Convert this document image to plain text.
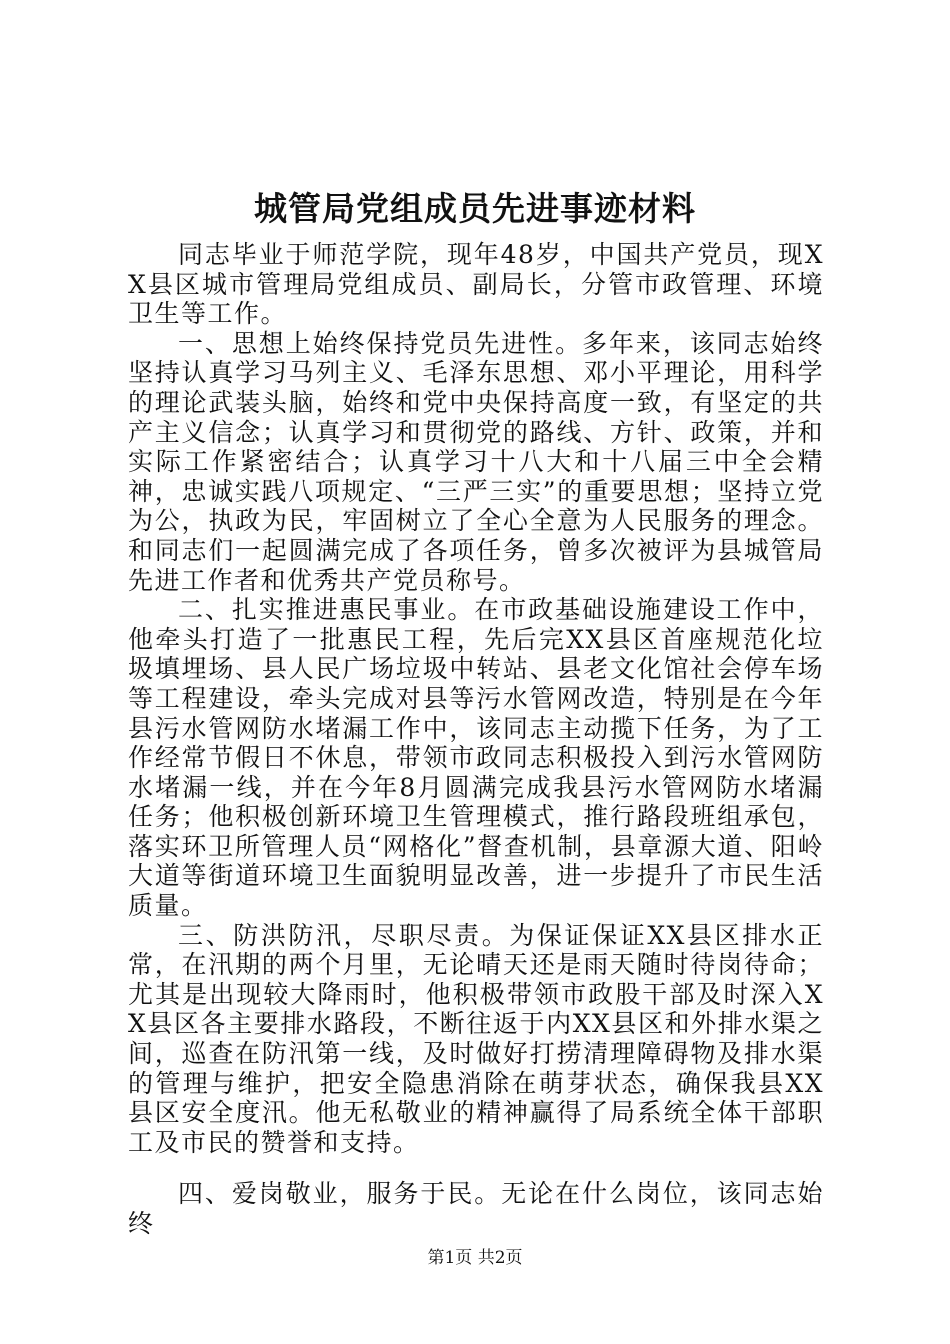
城管局党组成员先进事迹材料

同志毕业于师范学院，现年48岁，中国共产党员，现XX县区城市管理局党组成员、副局长，分管市政管理、环境卫生等工作。

一、思想上始终保持党员先进性。多年来，该同志始终坚持认真学习马列主义、毛泽东思想、邓小平理论，用科学的理论武装头脑，始终和党中央保持高度一致，有坚定的共产主义信念；认真学习和贯彻党的路线、方针、政策，并和实际工作紧密结合；认真学习十八大和十八届三中全会精神，忠诚实践八项规定、“三严三实”的重要思想；坚持立党为公，执政为民，牢固树立了全心全意为人民服务的理念。和同志们一起圆满完成了各项任务，曾多次被评为县城管局先进工作者和优秀共产党员称号。

二、扎实推进惠民事业。在市政基础设施建设工作中，他牵头打造了一批惠民工程，先后完XX县区首座规范化垃圾填埋场、县人民广场垃圾中转站、县老文化馆社会停车场等工程建设，牵头完成对县等污水管网改造，特别是在今年县污水管网防水堵漏工作中，该同志主动揽下任务，为了工作经常节假日不休息，带领市政同志积极投入到污水管网防水堵漏一线，并在今年8月圆满完成我县污水管网防水堵漏任务；他积极创新环境卫生管理模式，推行路段班组承包，落实环卫所管理人员“网格化”督查机制，县章源大道、阳岭大道等街道环境卫生面貌明显改善，进一步提升了市民生活质量。

三、防洪防汛，尽职尽责。为保证保证XX县区排水正常，在汛期的两个月里，无论晴天还是雨天随时待岗待命；尤其是出现较大降雨时，他积极带领市政股干部及时深入XX县区各主要排水路段，不断往返于内XX县区和外排水渠之间，巡查在防汛第一线，及时做好打捞清理障碍物及排水渠的管理与维护，把安全隐患消除在萌芽状态，确保我县XX县区安全度汛。他无私敬业的精神赢得了局系统全体干部职工及市民的赞誉和支持。

四、爱岗敬业，服务于民。无论在什么岗位，该同志始终

第1页 共2页
